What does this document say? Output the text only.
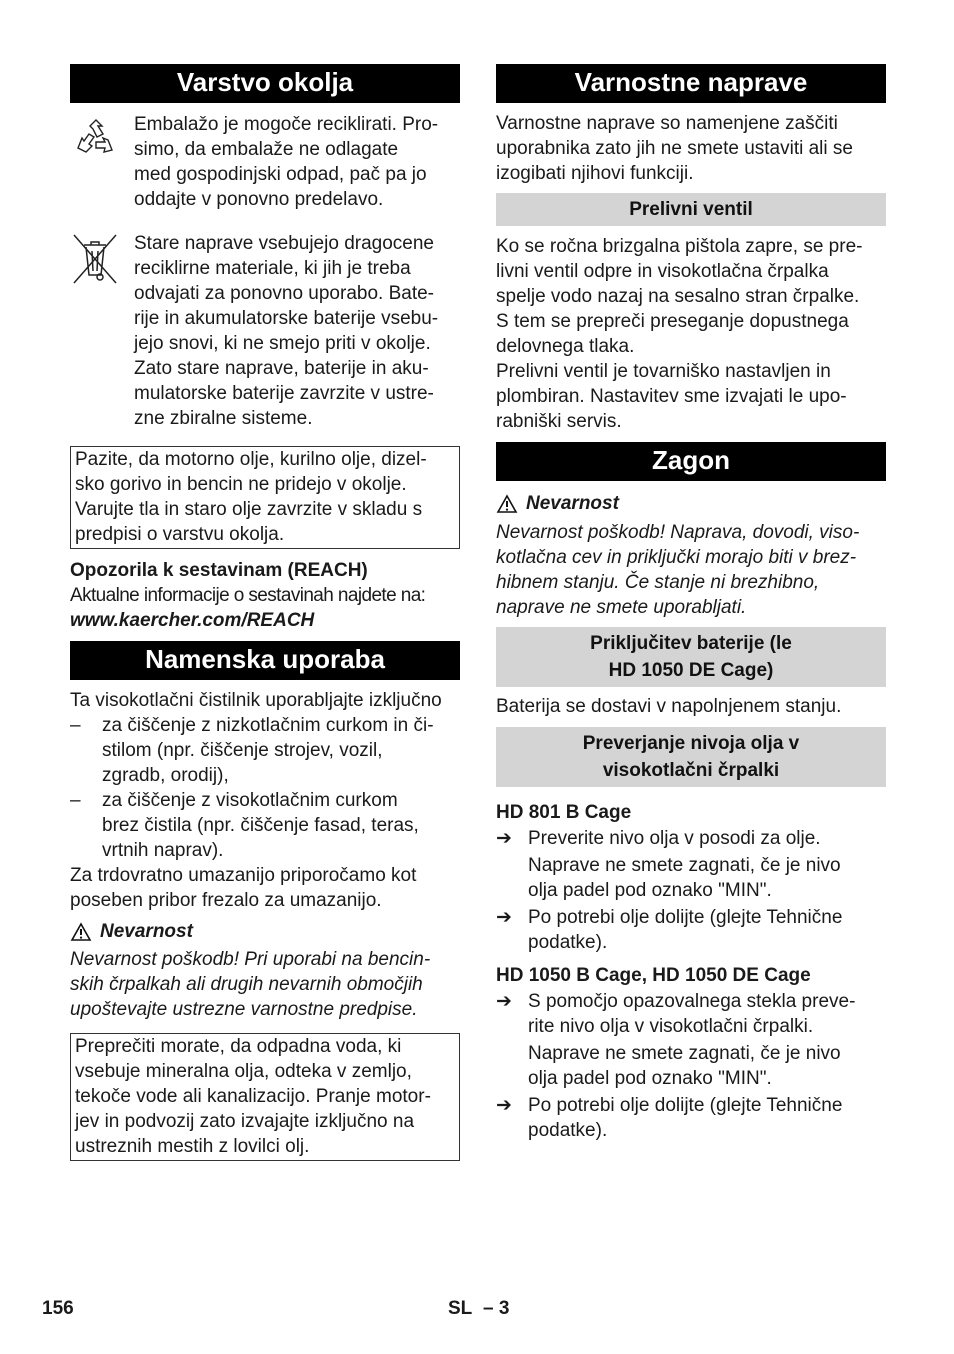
Varstvo okolja

Embalažo je mogoče reciklirati. Pro-

simo, da embalaže ne odlagate

med gospodinjski odpad, pač pa jo

oddajte v ponovno predelavo.

Stare naprave vsebujejo dragocene

reciklirne materiale, ki jih je treba

odvajati za ponovno uporabo. Bate-

rije in akumulatorske baterije vsebu-

jejo snovi, ki ne smejo priti v okolje.

Zato stare naprave, baterije in aku-

mulatorske baterije zavrzite v ustre-

zne zbiralne sisteme.

Pazite, da motorno olje, kurilno olje, dizel-

sko gorivo in bencin ne pridejo v okolje.

Varujte tla in staro olje zavrzite v skladu s

predpisi o varstvu okolja.

Opozorila k sestavinam (REACH)

Aktualne informacije o sestavinah najdete na:

www.kaercher.com/REACH

Namenska uporaba

Ta visokotlačni čistilnik uporabljajte izključno

–	za čiščenje z nizkotlačnim curkom in či-

stilom (npr. čiščenje strojev, vozil,

zgradb, orodij),

–	za čiščenje z visokotlačnim curkom

brez čistila (npr. čiščenje fasad, teras,

vrtnih naprav).

Za trdovratno umazanijo priporočamo kot

poseben pribor frezalo za umazanijo.

Nevarnost

Nevarnost poškodb! Pri uporabi na bencin-

skih črpalkah ali drugih nevarnih območjih

upoštevajte ustrezne varnostne predpise.

Preprečiti morate, da odpadna voda, ki

vsebuje mineralna olja, odteka v zemljo,

tekoče vode ali kanalizacijo. Pranje motor-

jev in podvozij zato izvajajte izključno na

ustreznih mestih z lovilci olj.

Varnostne naprave

Varnostne naprave so namenjene zaščiti

uporabnika zato jih ne smete ustaviti ali se

izogibati njihovi funkciji.

Prelivni ventil

Ko se ročna brizgalna pištola zapre, se pre-

livni ventil odpre in visokotlačna črpalka

spelje vodo nazaj na sesalno stran črpalke.

S tem se prepreči preseganje dopustnega

delovnega tlaka.

Prelivni ventil je tovarniško nastavljen in

plombiran. Nastavitev sme izvajati le upo-

rabniški servis.

Zagon
Nevarnost

Nevarnost poškodb! Naprava, dovodi, viso-

kotlačna cev in priključki morajo biti v brez-

hibnem stanju. Če stanje ni brezhibno,

naprave ne smete uporabljati.

Priključitev baterije (le
HD 1050 DE Cage)

Baterija se dostavi v napolnjenem stanju.

Preverjanje nivoja olja v
visokotlačni črpalki

HD 801 B Cage

➔ Preverite nivo olja v posodi za olje.

Naprave ne smete zagnati, če je nivo

olja padel pod oznako "MIN".

➔ Po potrebi olje dolijte (glejte Tehnične

podatke).

HD 1050 B Cage, HD 1050 DE Cage

➔ S pomočjo opazovalnega stekla preve-

rite nivo olja v visokotlačni črpalki.

Naprave ne smete zagnati, če je nivo

olja padel pod oznako "MIN".

➔ Po potrebi olje dolijte (glejte Tehnične

podatke).

156	SL – 3
